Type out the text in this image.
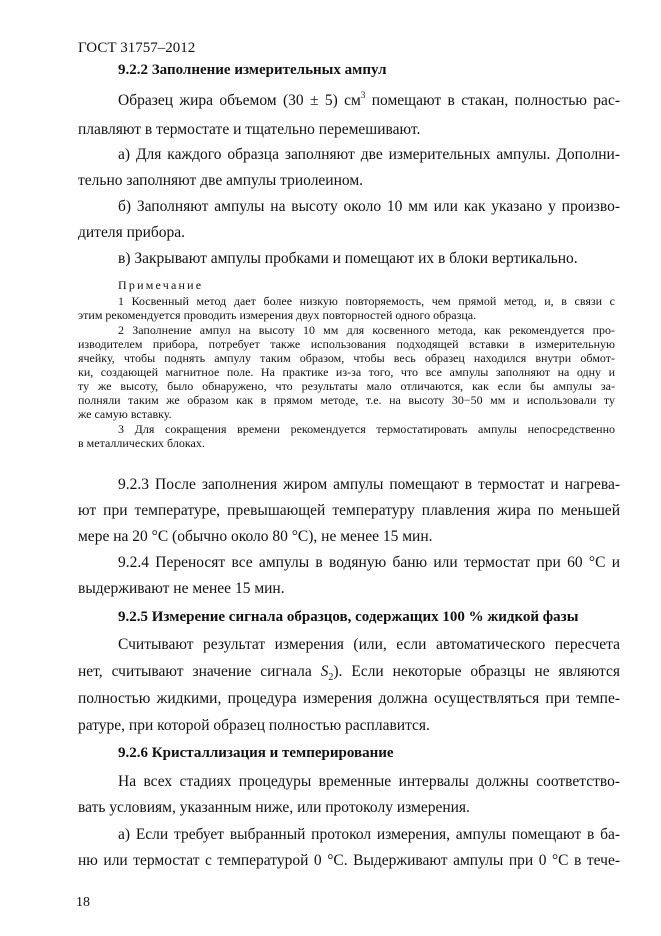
ГОСТ 31757–2012
9.2.2 Заполнение измерительных ампул
Образец жира объемом (30 ± 5) $см^3$ помещают в стакан, полностью рас-
плавляют в термостате и тщательно перемешивают.
а) Для каждого образца заполняют две измерительных ампулы. Дополни-
тельно заполняют две ампулы триолеином.
б) Заполняют ампулы на высоту около 10 мм или как указано у произво-
дителя прибора.
в) Закрывают ампулы пробками и помещают их в блоки вертикально.
Примечание
1 Косвенный метод дает более низкую повторяемость, чем прямой метод, и, в связи с
этим рекомендуется проводить измерения двух повторностей одного образца.
2 Заполнение ампул на высоту 10 мм для косвенного метода, как рекомендуется про-
изводителем прибора, потребует также использования подходящей вставки в измерительную
ячейку, чтобы поднять ампулу таким образом, чтобы весь образец находился внутри обмот-
ки, создающей магнитное поле. На практике из-за того, что все ампулы заполняют на одну и
ту же высоту, было обнаружено, что результаты мало отличаются, как если бы ампулы за-
полняли таким же образом как в прямом методе, т.е. на высоту 30−50 мм и использовали ту
же самую вставку.
3 Для сокращения времени рекомендуется термостатировать ампулы непосредственно
в металлических блоках.
9.2.3 После заполнения жиром ампулы помещают в термостат и нагрева-
ют при температуре, превышающей температуру плавления жира по меньшей
мере на 20 °С (обычно около 80 °С), не менее 15 мин.
9.2.4 Переносят все ампулы в водяную баню или термостат при 60 °С и
выдерживают не менее 15 мин.
9.2.5 Измерение сигнала образцов, содержащих 100 % жидкой фазы
Считывают результат измерения (или, если автоматического пересчета
нет, считывают значение сигнала $S_2$). Если некоторые образцы не являются
полностью жидкими, процедура измерения должна осуществляться при темпе-
ратуре, при которой образец полностью расплавится.
9.2.6 Кристаллизация и темперирование
На всех стадиях процедуры временные интервалы должны соответство-
вать условиям, указанным ниже, или протоколу измерения.
а) Если требует выбранный протокол измерения, ампулы помещают в ба-
ню или термостат с температурой 0 °С. Выдерживают ампулы при 0 °С в тече-
18
